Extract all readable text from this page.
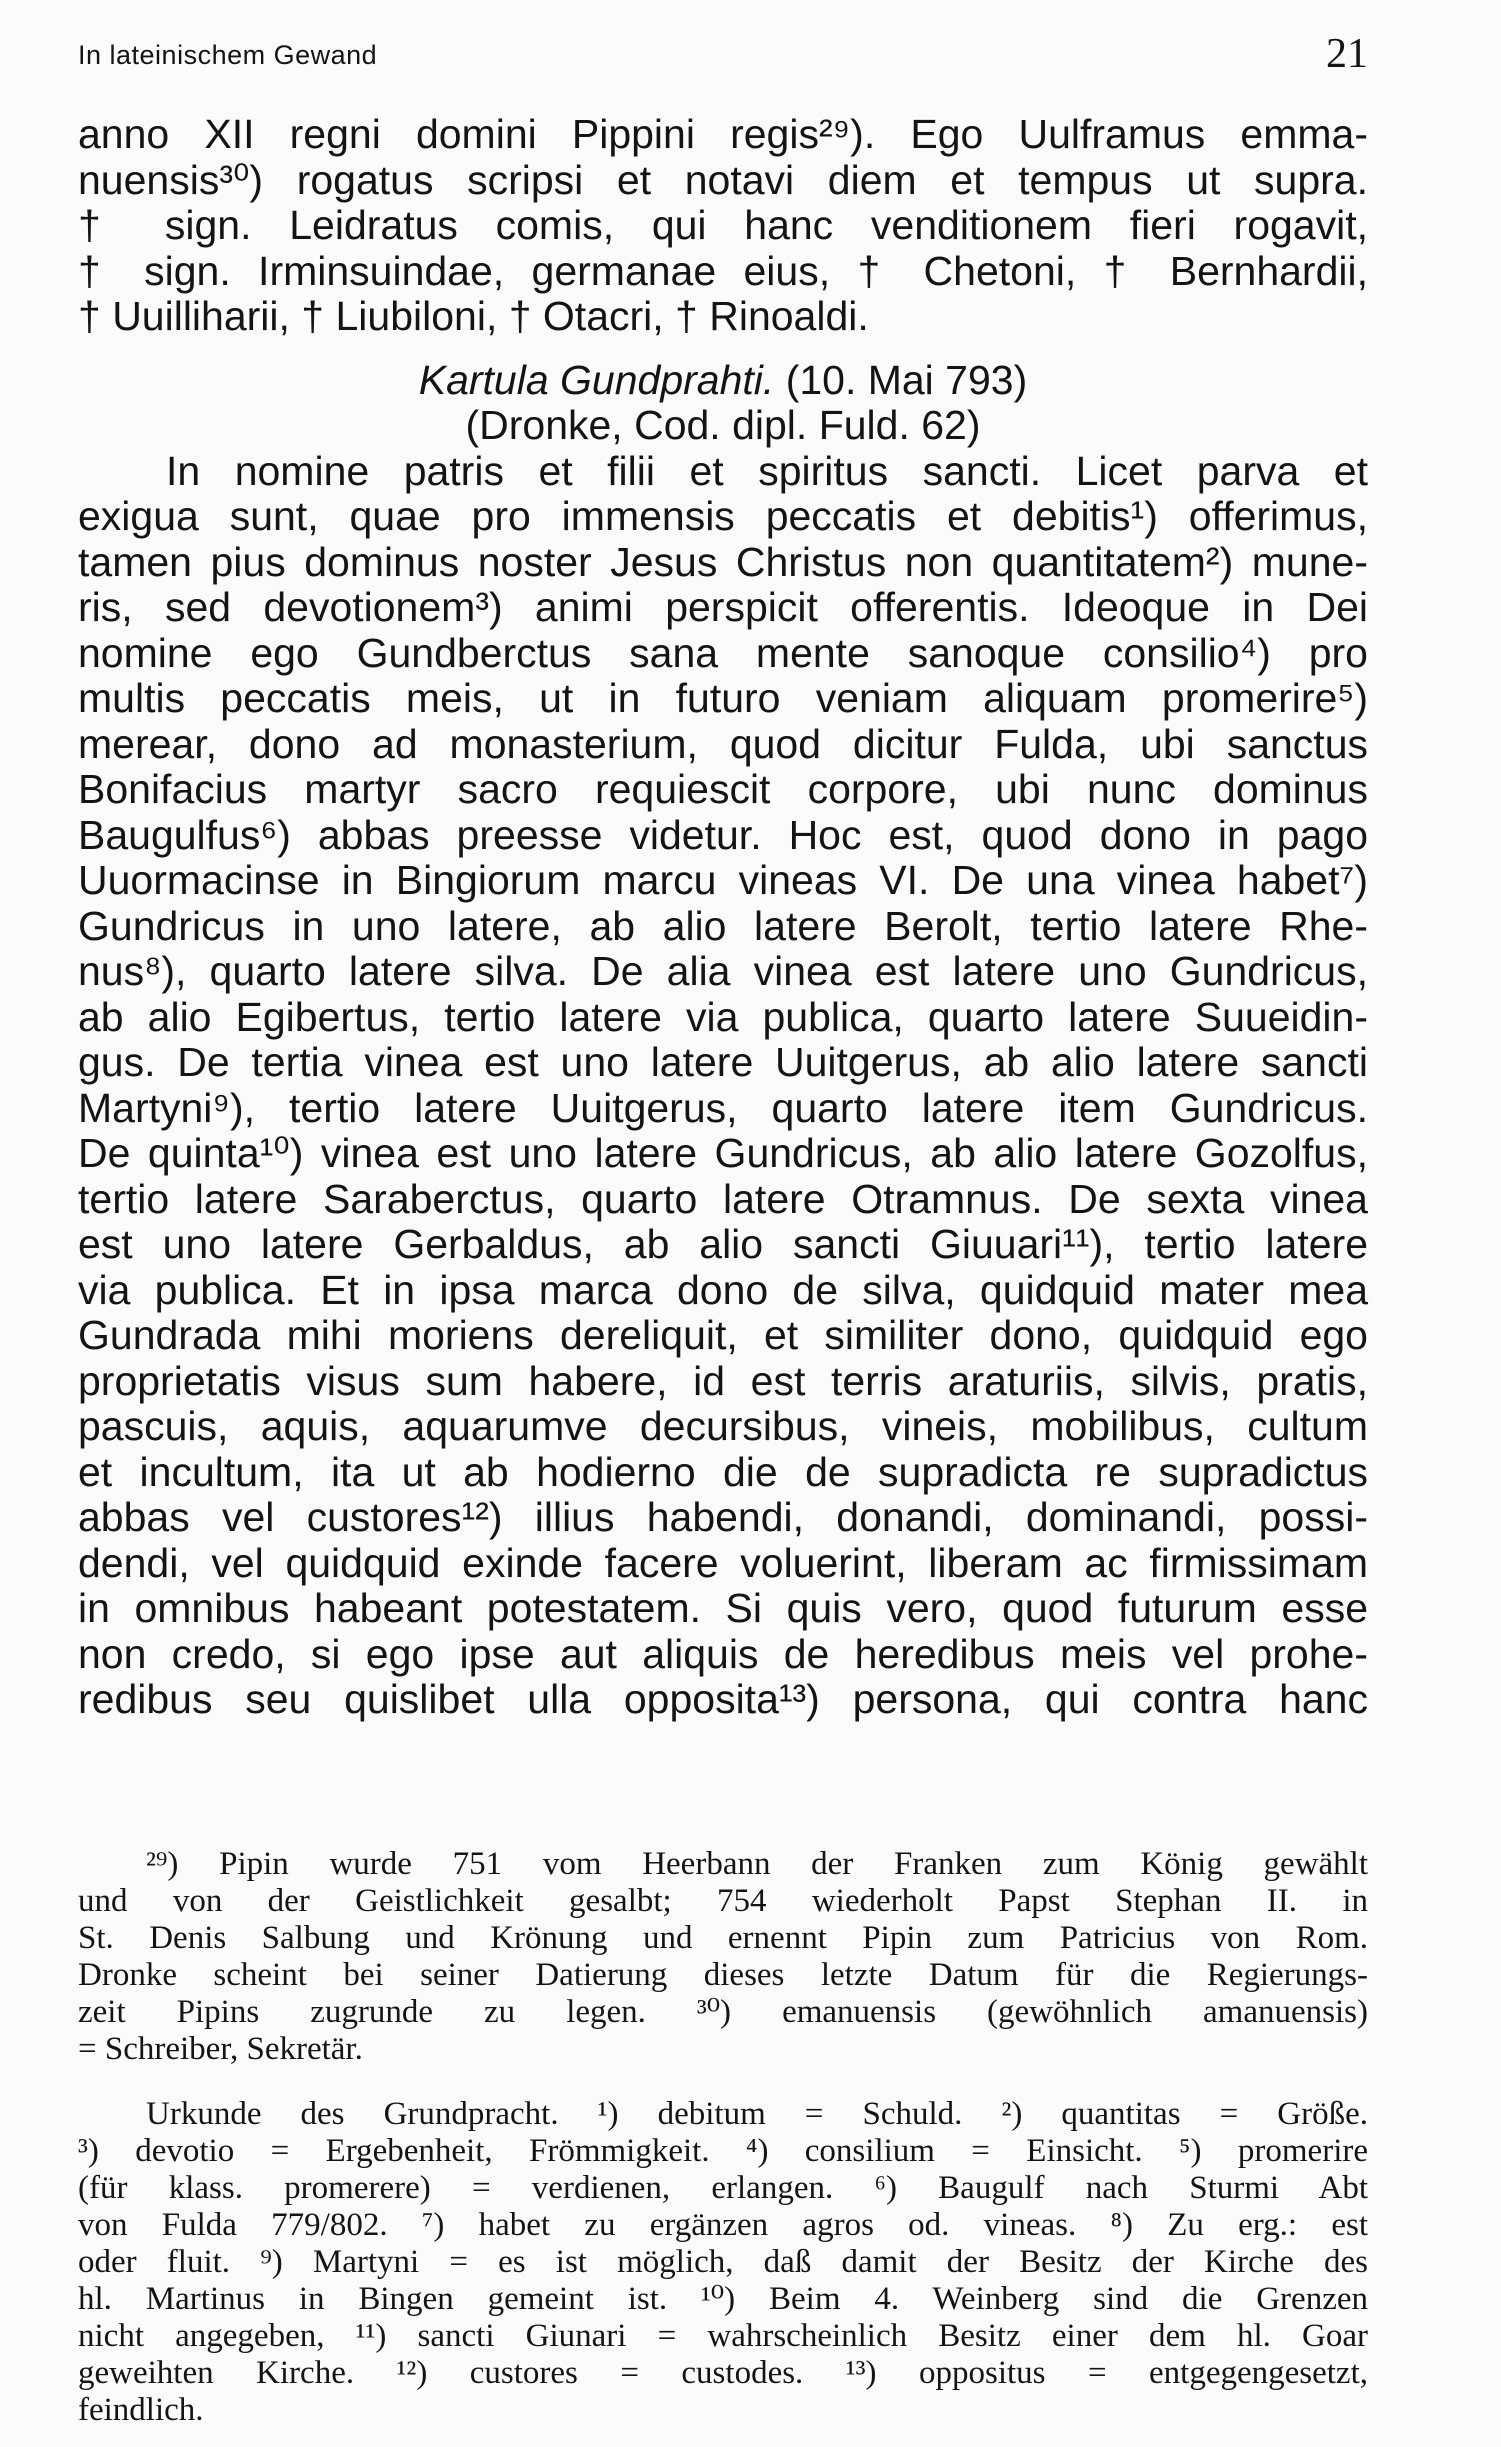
In lateinischem Gewand	21
anno XII regni domini Pippini regis²⁹). Ego Uulframus emma-
nuensis³⁰) rogatus scripsi et notavi diem et tempus ut supra.
† sign. Leidratus comis, qui hanc venditionem fieri rogavit,
† sign. Irminsuindae, germanae eius, † Chetoni, † Bernhardii,
† Uuilliharii, † Liubiloni, † Otacri, † Rinoaldi.
Kartula Gundprahti. (10. Mai 793)
(Dronke, Cod. dipl. Fuld. 62)
In nomine patris et filii et spiritus sancti. Licet parva et
exigua sunt, quae pro immensis peccatis et debitis¹) offerimus,
tamen pius dominus noster Jesus Christus non quantitatem²) mune-
ris, sed devotionem³) animi perspicit offerentis. Ideoque in Dei
nomine ego Gundberctus sana mente sanoque consilio⁴) pro
multis peccatis meis, ut in futuro veniam aliquam promerire⁵)
merear, dono ad monasterium, quod dicitur Fulda, ubi sanctus
Bonifacius martyr sacro requiescit corpore, ubi nunc dominus
Baugulfus⁶) abbas preesse videtur. Hoc est, quod dono in pago
Uuormacinse in Bingiorum marcu vineas VI. De una vinea habet⁷)
Gundricus in uno latere, ab alio latere Berolt, tertio latere Rhe-
nus⁸), quarto latere silva. De alia vinea est latere uno Gundricus,
ab alio Egibertus, tertio latere via publica, quarto latere Suueidin-
gus. De tertia vinea est uno latere Uuitgerus, ab alio latere sancti
Martyni⁹), tertio latere Uuitgerus, quarto latere item Gundricus.
De quinta¹⁰) vinea est uno latere Gundricus, ab alio latere Gozolfus,
tertio latere Saraberctus, quarto latere Otramnus. De sexta vinea
est uno latere Gerbaldus, ab alio sancti Giuuari¹¹), tertio latere
via publica. Et in ipsa marca dono de silva, quidquid mater mea
Gundrada mihi moriens dereliquit, et similiter dono, quidquid ego
proprietatis visus sum habere, id est terris araturiis, silvis, pratis,
pascuis, aquis, aquarumve decursibus, vineis, mobilibus, cultum
et incultum, ita ut ab hodierno die de supradicta re supradictus
abbas vel custores¹²) illius habendi, donandi, dominandi, possi-
dendi, vel quidquid exinde facere voluerint, liberam ac firmissimam
in omnibus habeant potestatem. Si quis vero, quod futurum esse
non credo, si ego ipse aut aliquis de heredibus meis vel prohe-
redibus seu quislibet ulla opposita¹³) persona, qui contra hanc
²⁹) Pipin wurde 751 vom Heerbann der Franken zum König gewählt
und von der Geistlichkeit gesalbt; 754 wiederholt Papst Stephan II. in
St. Denis Salbung und Krönung und ernennt Pipin zum Patricius von Rom.
Dronke scheint bei seiner Datierung dieses letzte Datum für die Regierungs-
zeit Pipins zugrunde zu legen. ³⁰) emanuensis (gewöhnlich amanuensis)
= Schreiber, Sekretär.
Urkunde des Grundpracht. ¹) debitum = Schuld. ²) quantitas = Größe.
³) devotio = Ergebenheit, Frömmigkeit. ⁴) consilium = Einsicht. ⁵) promerire
(für klass. promerere) = verdienen, erlangen. ⁶) Baugulf nach Sturmi Abt
von Fulda 779/802. ⁷) habet zu ergänzen agros od. vineas. ⁸) Zu erg.: est
oder fluit. ⁹) Martyni = es ist möglich, daß damit der Besitz der Kirche des
hl. Martinus in Bingen gemeint ist. ¹⁰) Beim 4. Weinberg sind die Grenzen
nicht angegeben, ¹¹) sancti Giunari = wahrscheinlich Besitz einer dem hl. Goar
geweihten Kirche. ¹²) custores = custodes. ¹³) oppositus = entgegengesetzt,
feindlich.
